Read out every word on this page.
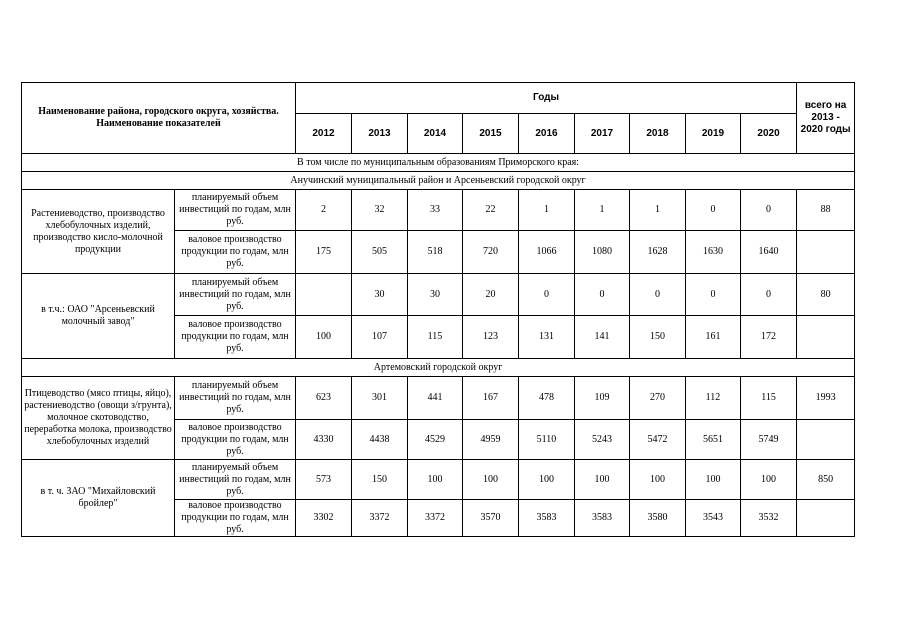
Наименование района, городского округа, хозяйства. Наименование показателей		Годы									всего на 2013 - 2020 годы
		2012	2013	2014	2015	2016	2017	2018	2019	2020	
В том числе по муниципальным образованиям Приморского края:											
Анучинский муниципальный район и Арсеньевский городской округ											
Растениеводство, производство хлебобулочных изделий, производство кисло-молочной продукции	планируемый объем инвестиций по годам, млн руб.	2	32	33	22	1	1	1	0	0	88
	валовое производство продукции по годам, млн руб.	175	505	518	720	1066	1080	1628	1630	1640	
в т.ч.: ОАО "Арсеньевский молочный завод"	планируемый объем инвестиций по годам, млн руб.		30	30	20	0	0	0	0	0	80
	валовое производство продукции по годам, млн руб.	100	107	115	123	131	141	150	161	172	
Артемовский городской округ											
Птицеводство (мясо птицы, яйцо), растениеводство (овощи з/грунта), молочное скотоводство, переработка молока, производство хлебобулочных изделий	планируемый объем инвестиций по годам, млн руб.	623	301	441	167	478	109	270	112	115	1993
	валовое производство продукции по годам, млн руб.	4330	4438	4529	4959	5110	5243	5472	5651	5749	
в т. ч. ЗАО "Михайловский бройлер"	планируемый объем инвестиций по годам, млн руб.	573	150	100	100	100	100	100	100	100	850
	валовое производство продукции по годам, млн руб.	3302	3372	3372	3570	3583	3583	3580	3543	3532	
